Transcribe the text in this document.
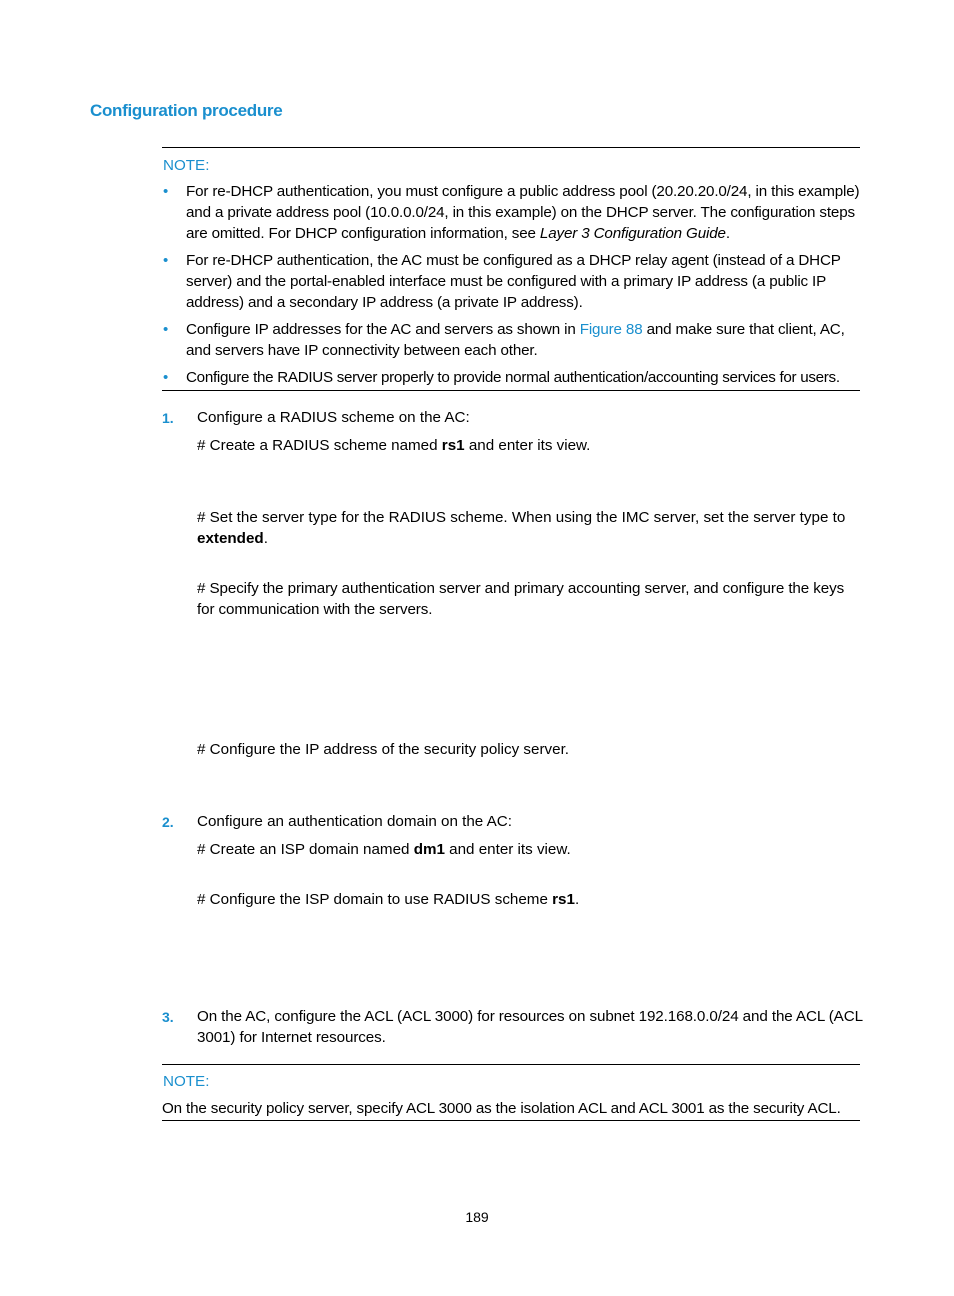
Configuration procedure
NOTE:
• For re-DHCP authentication, you must configure a public address pool (20.20.20.0/24, in this example) and a private address pool (10.0.0.0/24, in this example) on the DHCP server. The configuration steps are omitted. For DHCP configuration information, see Layer 3 Configuration Guide.
• For re-DHCP authentication, the AC must be configured as a DHCP relay agent (instead of a DHCP server) and the portal-enabled interface must be configured with a primary IP address (a public IP address) and a secondary IP address (a private IP address).
• Configure IP addresses for the AC and servers as shown in Figure 88 and make sure that client, AC, and servers have IP connectivity between each other.
• Configure the RADIUS server properly to provide normal authentication/accounting services for users.
1. Configure a RADIUS scheme on the AC:
# Create a RADIUS scheme named rs1 and enter its view.
# Set the server type for the RADIUS scheme. When using the IMC server, set the server type to extended.
# Specify the primary authentication server and primary accounting server, and configure the keys for communication with the servers.
# Configure the IP address of the security policy server.
2. Configure an authentication domain on the AC:
# Create an ISP domain named dm1 and enter its view.
# Configure the ISP domain to use RADIUS scheme rs1.
3. On the AC, configure the ACL (ACL 3000) for resources on subnet 192.168.0.0/24 and the ACL (ACL 3001) for Internet resources.
NOTE:
On the security policy server, specify ACL 3000 as the isolation ACL and ACL 3001 as the security ACL.
189
